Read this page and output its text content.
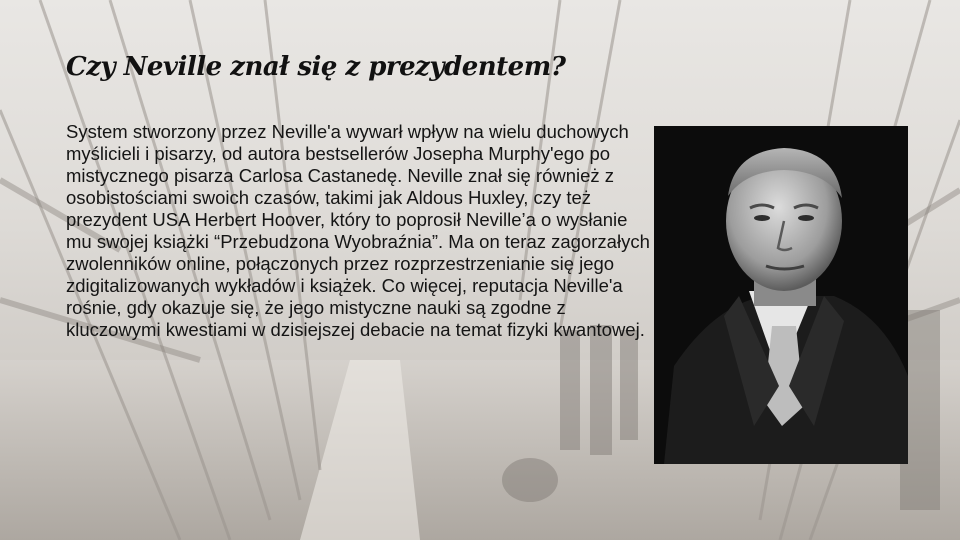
Czy Neville znał się z prezydentem?

System stworzony przez Neville'a wywarł wpływ na wielu duchowych myślicieli i pisarzy, od autora bestsellerów Josepha Murphy'ego po mistycznego pisarza Carlosa Castanedę. Neville znał się również z osobistościami swoich czasów, takimi jak Aldous Huxley, czy też prezydent USA Herbert Hoover, który to poprosił Neville’a o wysłanie mu swojej książki “Przebudzona Wyobraźnia”. Ma on teraz zagorzałych zwolenników online, połączonych przez rozprzestrzenianie się jego zdigitalizowanych wykładów i książek. Co więcej, reputacja Neville'a rośnie, gdy okazuje się, że jego mistyczne nauki są zgodne z kluczowymi kwestiami w dzisiejszej debacie na temat fizyki kwantowej.
